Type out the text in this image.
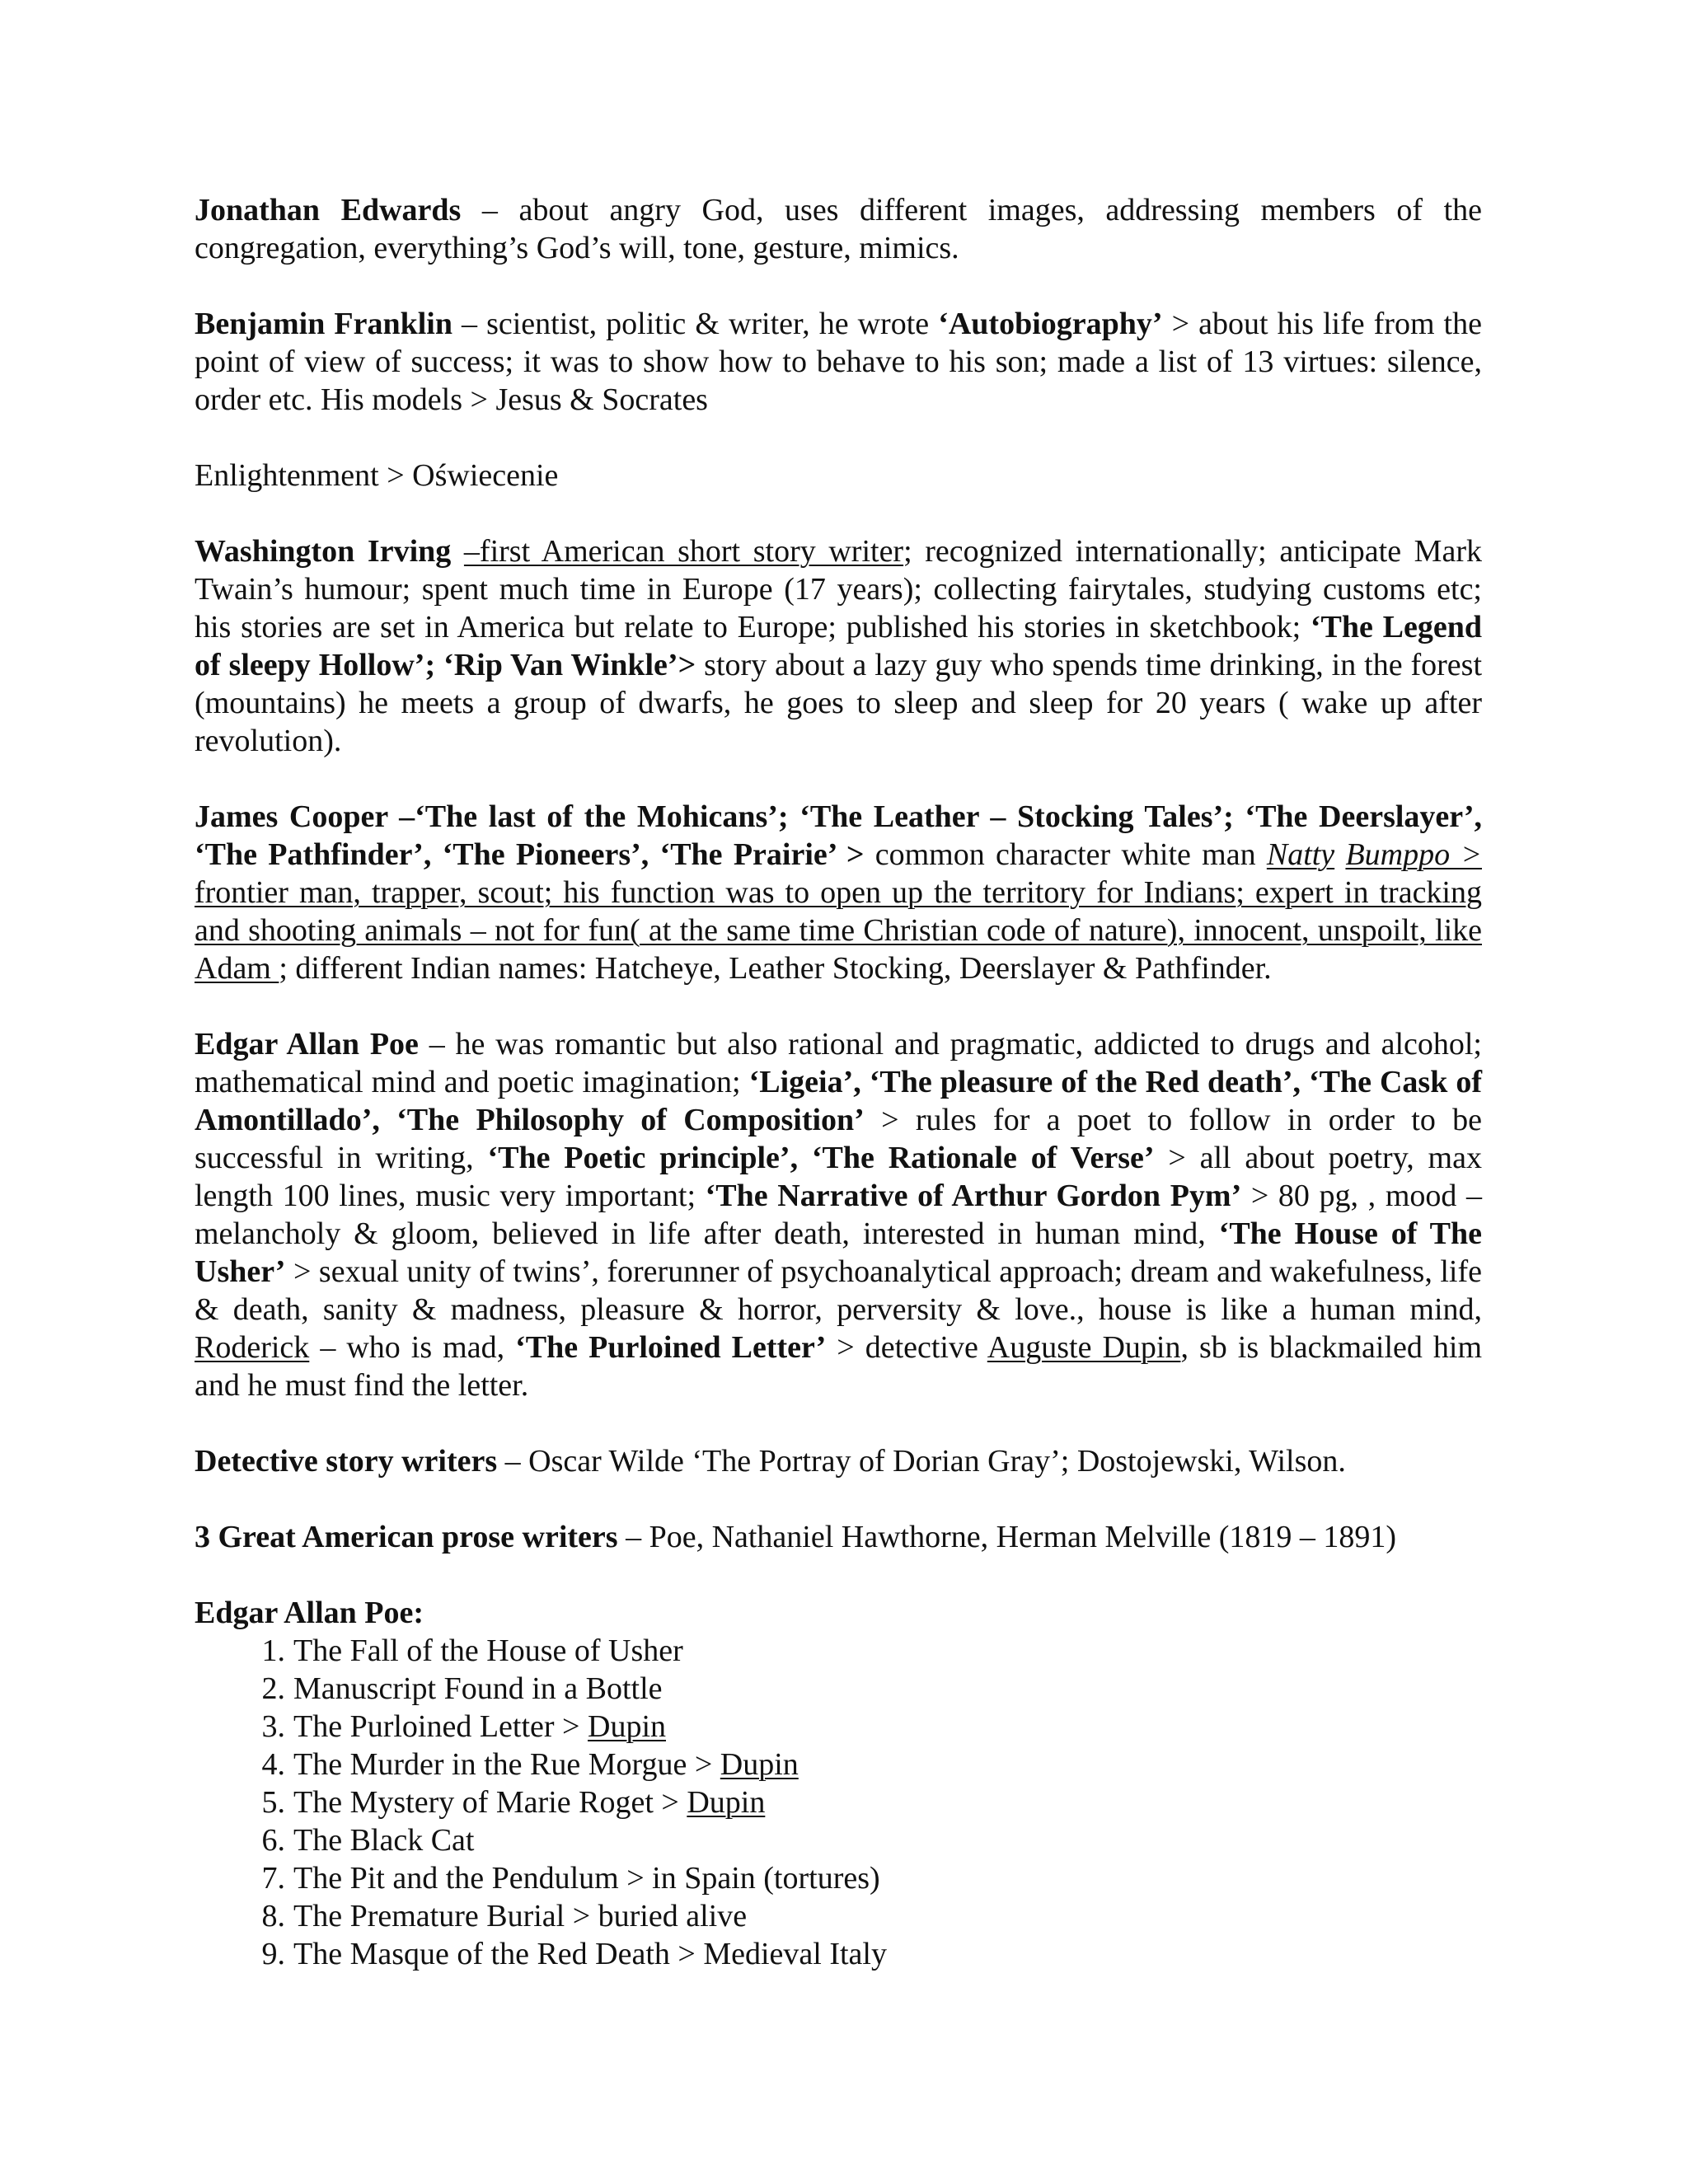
Jonathan Edwards – about angry God, uses different images, addressing members of the congregation, everything’s God’s will, tone, gesture, mimics.

Benjamin Franklin – scientist, politic & writer, he wrote ‘Autobiography’ > about his life from the point of view of success; it was to show how to behave to his son; made a list of 13 virtues: silence, order etc. His models > Jesus & Socrates

Enlightenment > Oświecenie

Washington Irving –first American short story writer; recognized internationally; anticipate Mark Twain’s humour; spent much time in Europe (17 years); collecting fairytales, studying customs etc; his stories are set in America but relate to Europe; published his stories in sketchbook; ‘The Legend of sleepy Hollow’; ‘Rip Van Winkle’> story about a lazy guy who spends time drinking, in the forest (mountains) he meets a group of dwarfs, he goes to sleep and sleep for 20 years ( wake up after revolution).

James Cooper –‘The last of the Mohicans’; ‘The Leather – Stocking Tales’; ‘The Deerslayer’, ‘The Pathfinder’, ‘The Pioneers’, ‘The Prairie’ > common character white man Natty Bumppo > frontier man, trapper, scout; his function was to open up the territory for Indians; expert in tracking and shooting animals – not for fun( at the same time Christian code of nature), innocent, unspoilt, like Adam ; different Indian names: Hatcheye, Leather Stocking, Deerslayer & Pathfinder.

Edgar Allan Poe – he was romantic but also rational and pragmatic, addicted to drugs and alcohol; mathematical mind and poetic imagination; ‘Ligeia’, ‘The pleasure of the Red death’, ‘The Cask of Amontillado’, ‘The Philosophy of Composition’ > rules for a poet to follow in order to be successful in writing, ‘The Poetic principle’, ‘The Rationale of Verse’ > all about poetry, max length 100 lines, music very important; ‘The Narrative of Arthur Gordon Pym’ > 80 pg, , mood – melancholy & gloom, believed in life after death, interested in human mind, ‘The House of The Usher’ > sexual unity of twins’, forerunner of psychoanalytical approach; dream and wakefulness, life & death, sanity & madness, pleasure & horror, perversity & love., house is like a human mind, Roderick – who is mad, ‘The Purloined Letter’ > detective Auguste Dupin, sb is blackmailed him and he must find the letter.

Detective story writers – Oscar Wilde ‘The Portray of Dorian Gray’; Dostojewski, Wilson.

3 Great American prose writers – Poe, Nathaniel Hawthorne, Herman Melville (1819 – 1891)

Edgar Allan Poe:

1. The Fall of the House of Usher
2. Manuscript Found in a Bottle
3. The Purloined Letter > Dupin
4. The Murder in the Rue Morgue > Dupin
5. The Mystery of Marie Roget > Dupin
6. The Black Cat
7. The Pit and the Pendulum > in Spain (tortures)
8. The Premature Burial > buried alive
9. The Masque of the Red Death > Medieval Italy
